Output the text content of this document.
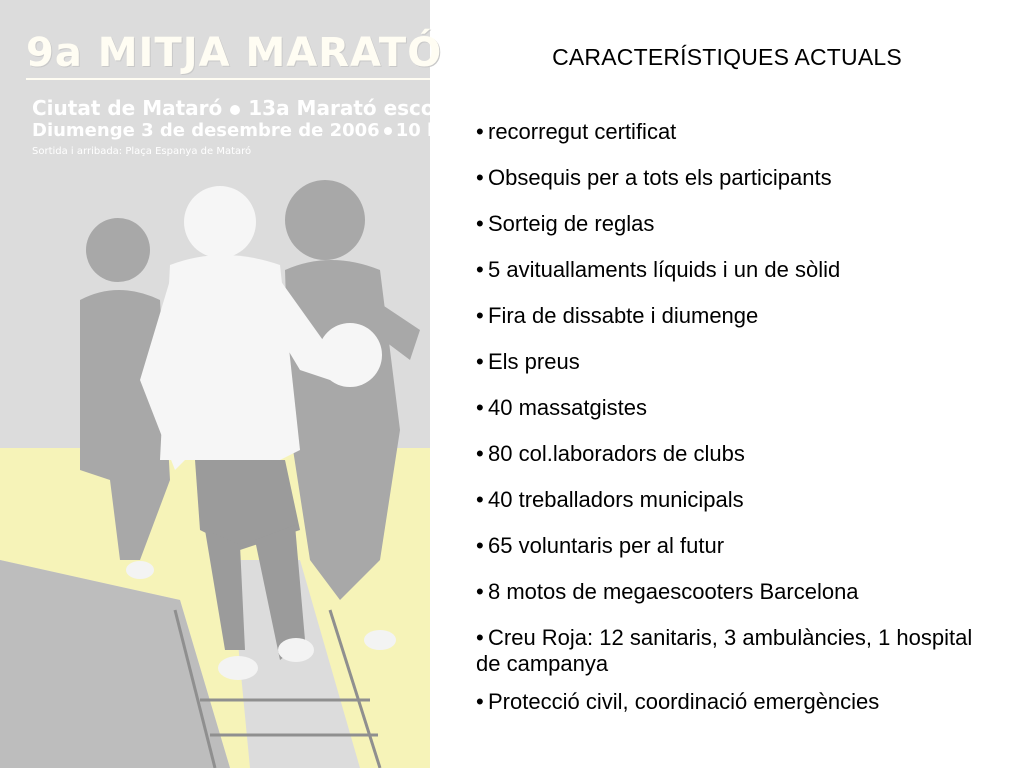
9a MITJA MARATÓ

Ciutat de Mataró 13a Marató escolar

Diumenge 3 de desembre de 2006 10 h

Sortida i arribada: Plaça Espanya de Mataró

CARACTERÍSTIQUES ACTUALS
• recorregut certificat
• Obsequis per a tots els participants
• Sorteig de reglas
• 5 avituallaments líquids i un de sòlid
• Fira de dissabte i diumenge
• Els preus
• 40 massatgistes
• 80 col.laboradors de clubs
• 40 treballadors municipals
• 65 voluntaris per al futur
• 8 motos de megaescooters Barcelona
• Creu Roja: 12 sanitaris, 3 ambulàncies, 1 hospital de campanya
• Protecció civil, coordinació emergències
